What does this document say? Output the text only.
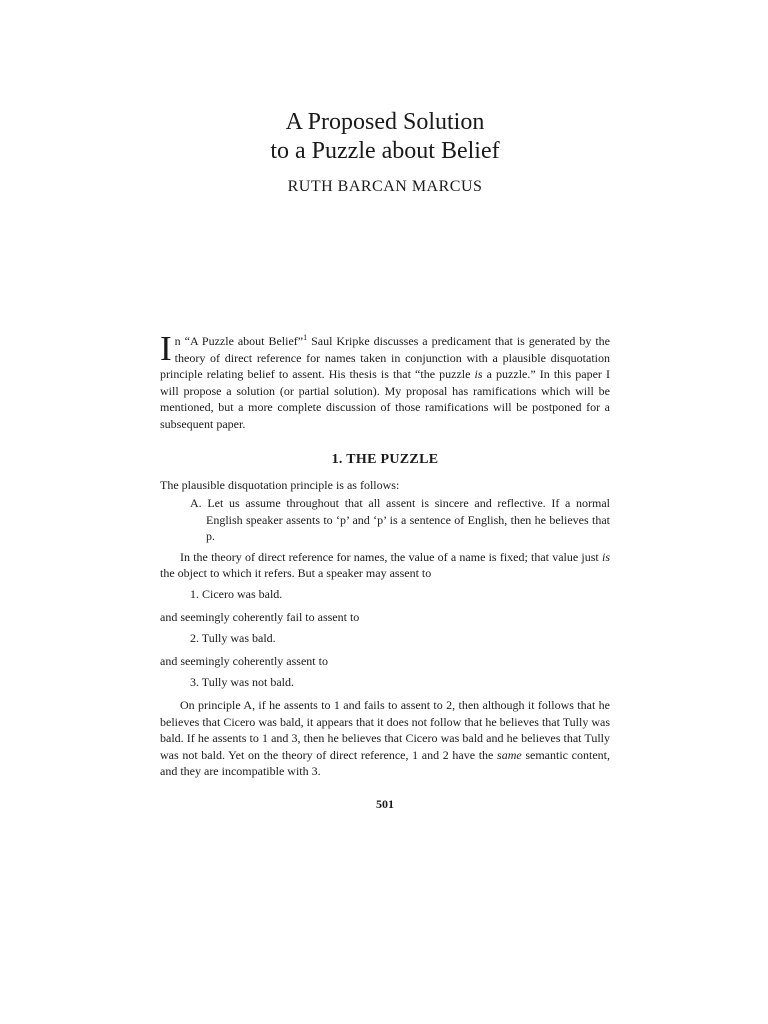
A Proposed Solution
to a Puzzle about Belief
RUTH BARCAN MARCUS

In “A Puzzle about Belief”$^1$ Saul Kripke discusses a predicament that is generated by the theory of direct reference for names taken in conjunction with a plausible disquotation principle relating belief to assent. His thesis is that “the puzzle is a puzzle.” In this paper I will propose a solution (or partial solution). My proposal has ramifications which will be mentioned, but a more complete discussion of those ramifications will be postponed for a subsequent paper.

1. THE PUZZLE

The plausible disquotation principle is as follows:

A. Let us assume throughout that all assent is sincere and reflective. If a normal English speaker assents to ‘p’ and ‘p’ is a sentence of English, then he believes that p.

In the theory of direct reference for names, the value of a name is fixed; that value just is the object to which it refers. But a speaker may assent to

1. Cicero was bald.

and seemingly coherently fail to assent to

2. Tully was bald.

and seemingly coherently assent to

3. Tully was not bald.

On principle A, if he assents to 1 and fails to assent to 2, then although it follows that he believes that Cicero was bald, it appears that it does not follow that he believes that Tully was bald. If he assents to 1 and 3, then he believes that Cicero was bald and he believes that Tully was not bald. Yet on the theory of direct reference, 1 and 2 have the same semantic content, and they are incompatible with 3.

501
